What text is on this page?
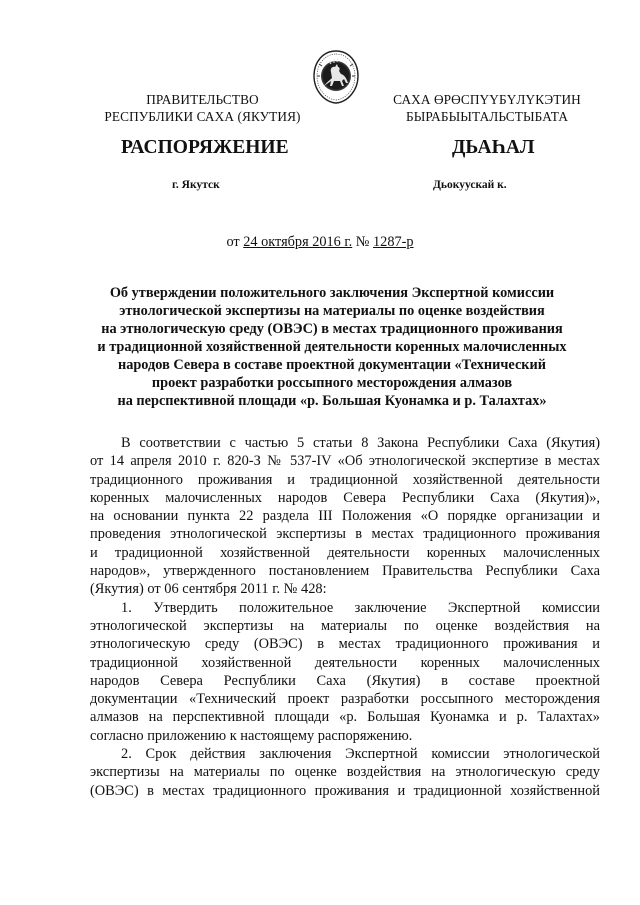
ПРАВИТЕЛЬСТВО
РЕСПУБЛИКИ САХА (ЯКУТИЯ)
САХА ӨРӨСПҮҮБҮЛҮКЭТИН
БЫРАБЫЫТАЛЬСТЫБАТА
РАСПОРЯЖЕНИЕ	ДЬАҺАЛ
г. Якутск	Дьокуускай к.
от 24 октября 2016 г. № 1287-р
Об утверждении положительного заключения Экспертной комиссии
этнологической экспертизы на материалы по оценке воздействия
на этнологическую среду (ОВЭС) в местах традиционного проживания
и традиционной хозяйственной деятельности коренных малочисленных
народов Севера в составе проектной документации «Технический
проект разработки россыпного месторождения алмазов
на перспективной площади «р. Большая Куонамка и р. Талахтах»
В соответствии с частью 5 статьи 8 Закона Республики Саха (Якутия)
от 14 апреля 2010 г. 820-З № 537-IV «Об этнологической экспертизе в местах
традиционного проживания и традиционной хозяйственной деятельности
коренных малочисленных народов Севера Республики Саха (Якутия)»,
на основании пункта 22 раздела III Положения «О порядке организации и
проведения этнологической экспертизы в местах традиционного проживания
и традиционной хозяйственной деятельности коренных малочисленных
народов», утвержденного постановлением Правительства Республики Саха
(Якутия) от 06 сентября 2011 г. № 428:
1. Утвердить положительное заключение Экспертной комиссии
этнологической экспертизы на материалы по оценке воздействия на
этнологическую среду (ОВЭС) в местах традиционного проживания и
традиционной хозяйственной деятельности коренных малочисленных
народов Севера Республики Саха (Якутия) в составе проектной
документации «Технический проект разработки россыпного месторождения
алмазов на перспективной площади «р. Большая Куонамка и р. Талахтах»
согласно приложению к настоящему распоряжению.
2. Срок действия заключения Экспертной комиссии этнологической
экспертизы на материалы по оценке воздействия на этнологическую среду
(ОВЭС) в местах традиционного проживания и традиционной хозяйственной
